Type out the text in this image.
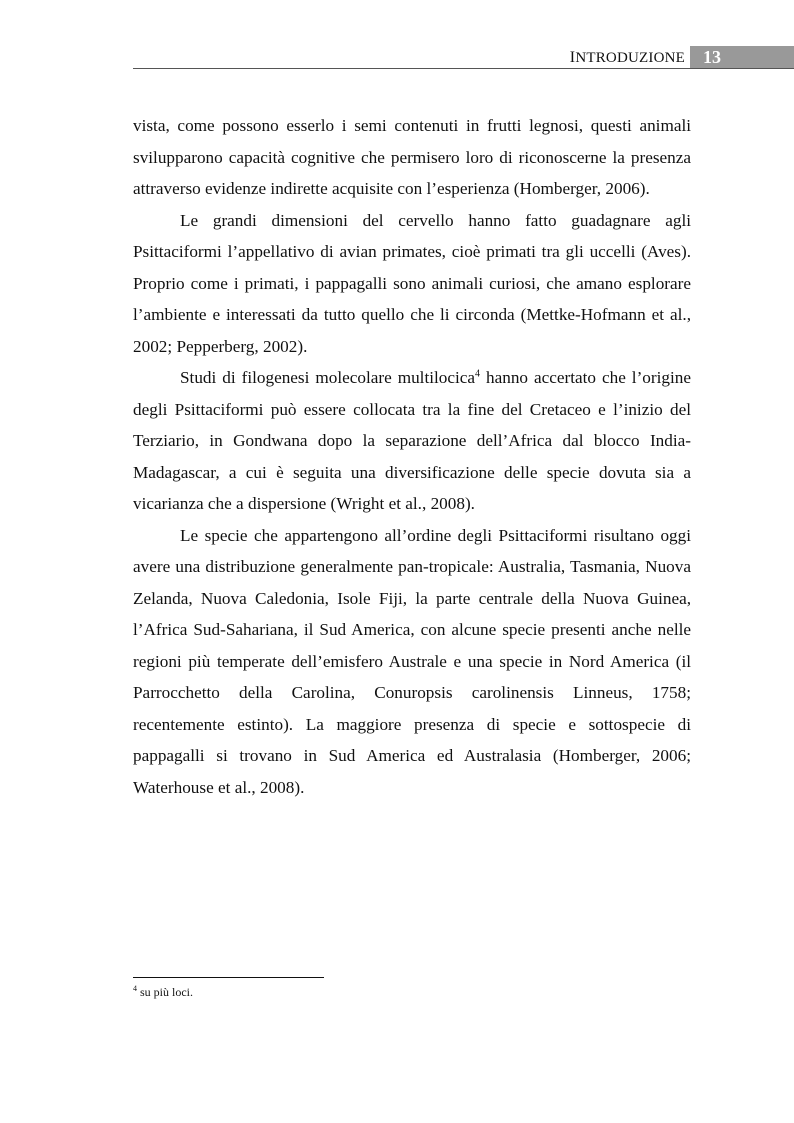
INTRODUZIONE 13

vista, come possono esserlo i semi contenuti in frutti legnosi, questi animali svilupparono capacità cognitive che permisero loro di riconoscerne la presenza attraverso evidenze indirette acquisite con l’esperienza (Homberger, 2006).

Le grandi dimensioni del cervello hanno fatto guadagnare agli Psittaciformi l’appellativo di avian primates, cioè primati tra gli uccelli (Aves). Proprio come i primati, i pappagalli sono animali curiosi, che amano esplorare l’ambiente e interessati da tutto quello che li circonda (Mettke-Hofmann et al., 2002; Pepperberg, 2002).

Studi di filogenesi molecolare multilocica$^4$ hanno accertato che l’origine degli Psittaciformi può essere collocata tra la fine del Cretaceo e l’inizio del Terziario, in Gondwana dopo la separazione dell’Africa dal blocco India-Madagascar, a cui è seguita una diversificazione delle specie dovuta sia a vicarianza che a dispersione (Wright et al., 2008).

Le specie che appartengono all’ordine degli Psittaciformi risultano oggi avere una distribuzione generalmente pan-tropicale: Australia, Tasmania, Nuova Zelanda, Nuova Caledonia, Isole Fiji, la parte centrale della Nuova Guinea, l’Africa Sud-Sahariana, il Sud America, con alcune specie presenti anche nelle regioni più temperate dell’emisfero Australe e una specie in Nord America (il Parrocchetto della Carolina, Conuropsis carolinensis Linneus, 1758; recentemente estinto). La maggiore presenza di specie e sottospecie di pappagalli si trovano in Sud America ed Australasia (Homberger, 2006; Waterhouse et al., 2008).

$^4$ su più loci.
